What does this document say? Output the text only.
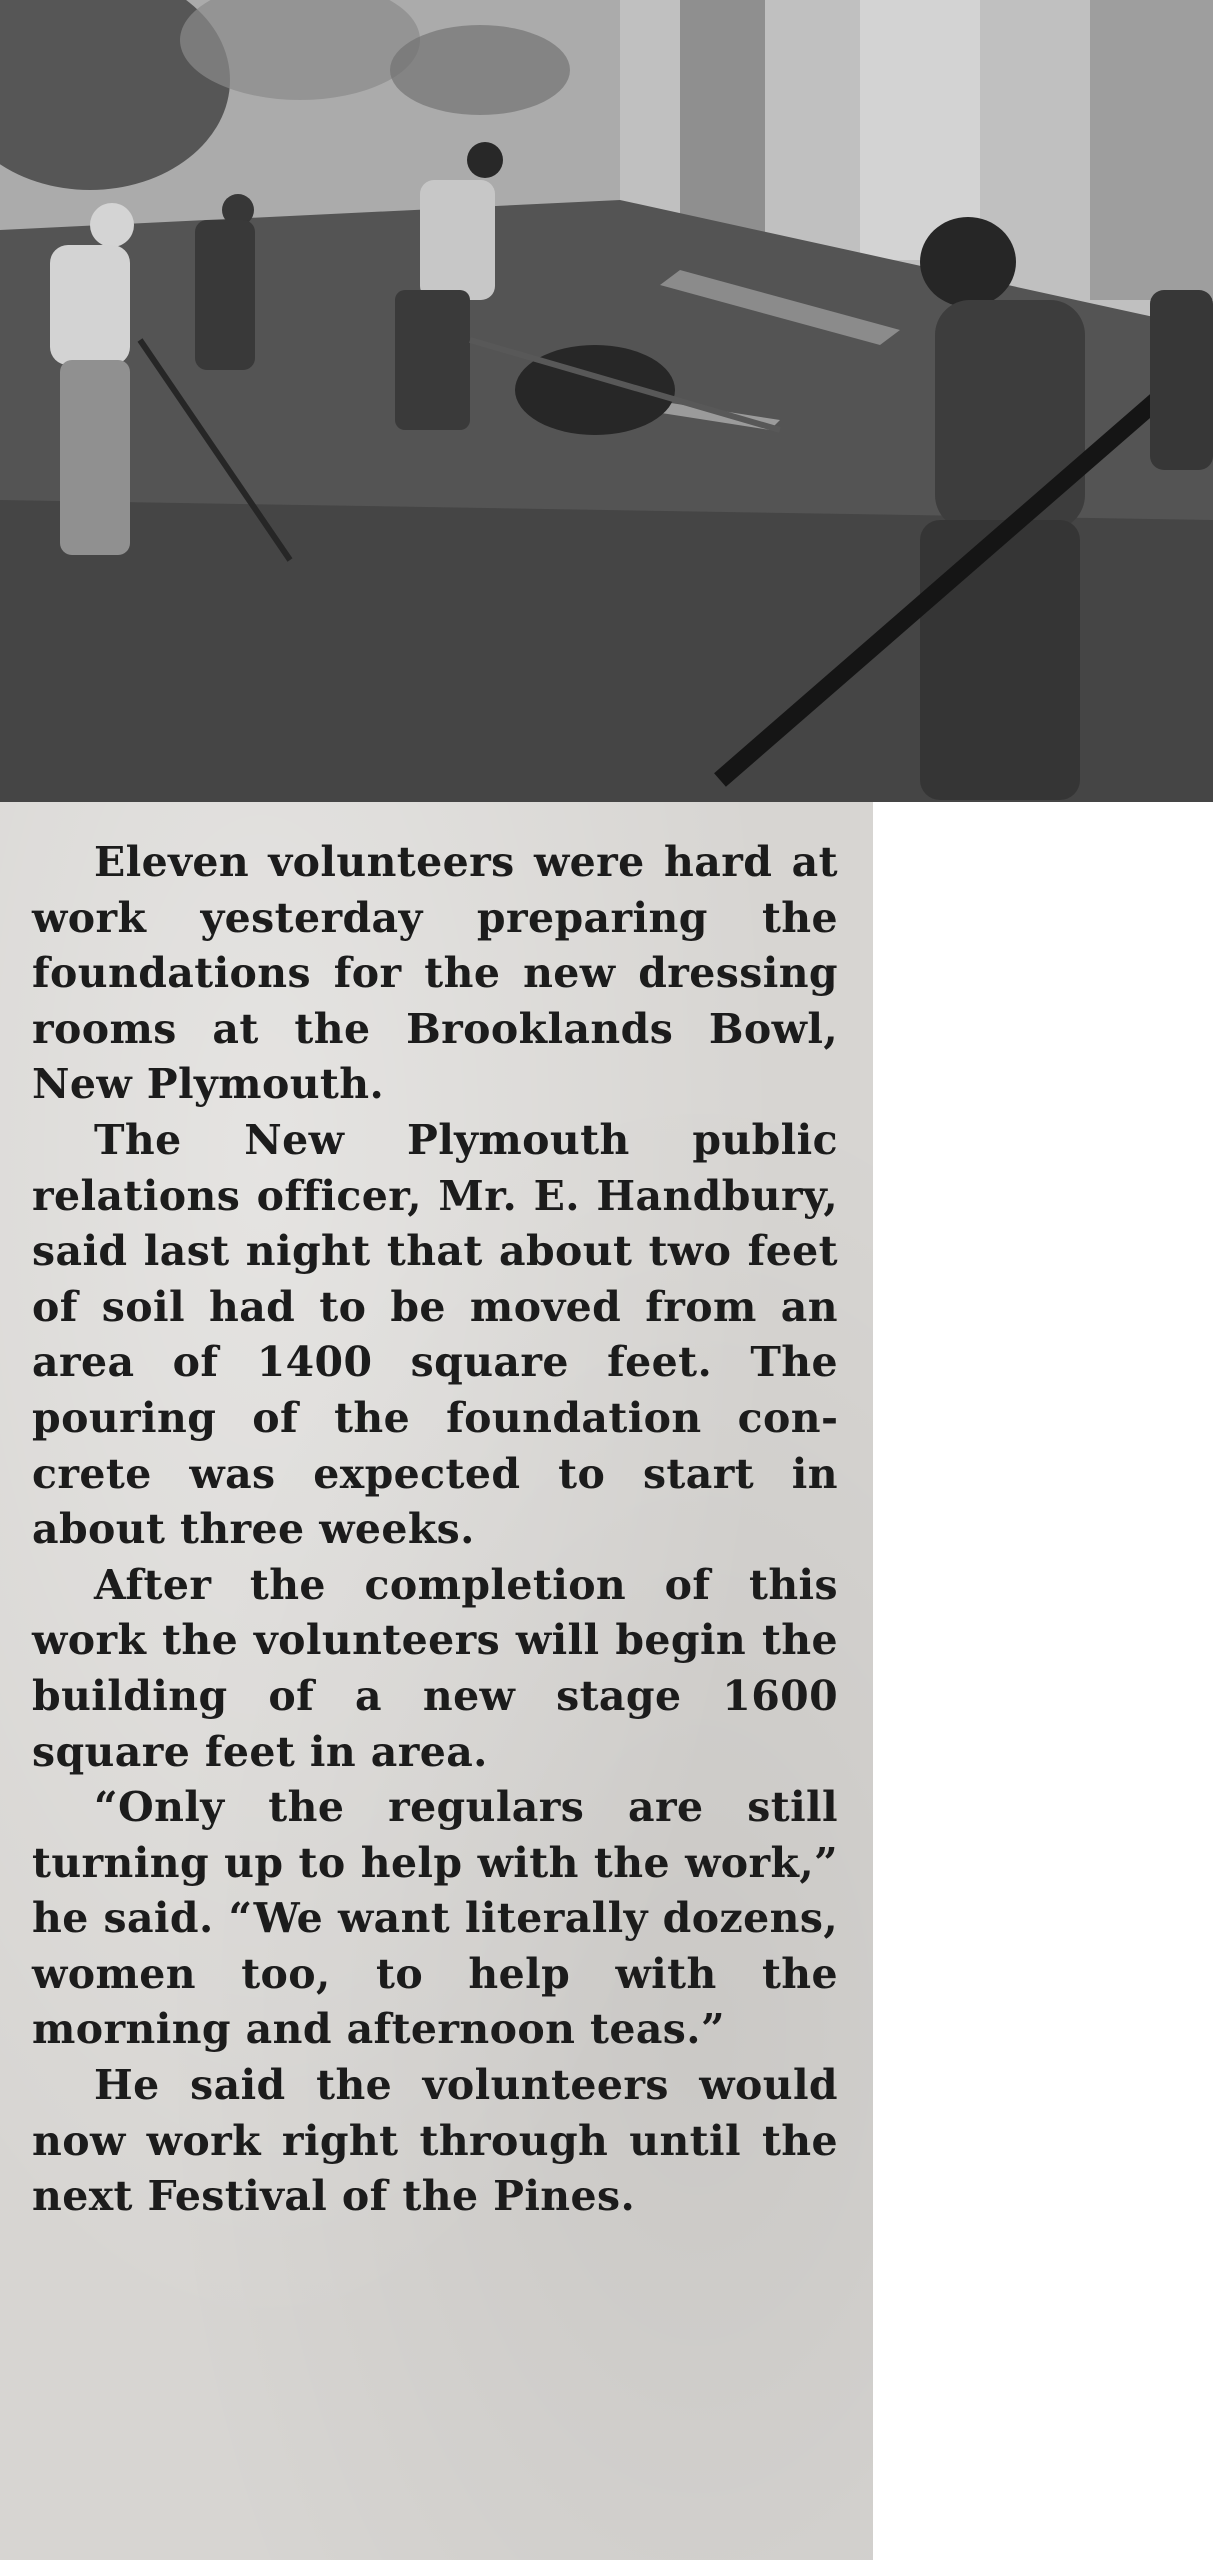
Eleven volunteers were hard at work yesterday preparing the foundations for the new dressing rooms at the Brooklands Bowl, New Plymouth.

The New Plymouth public relations officer, Mr. E. Handbury, said last night that about two feet of soil had to be moved from an area of 1400 square feet. The pouring of the foundation concrete was expected to start in about three weeks.

After the completion of this work the volunteers will begin the building of a new stage 1600 square feet in area.

“Only the regulars are still turning up to help with the work,” he said. “We want literally dozens, women too, to help with the morning and afternoon teas.”

He said the volunteers would now work right through until the next Festival of the Pines.
